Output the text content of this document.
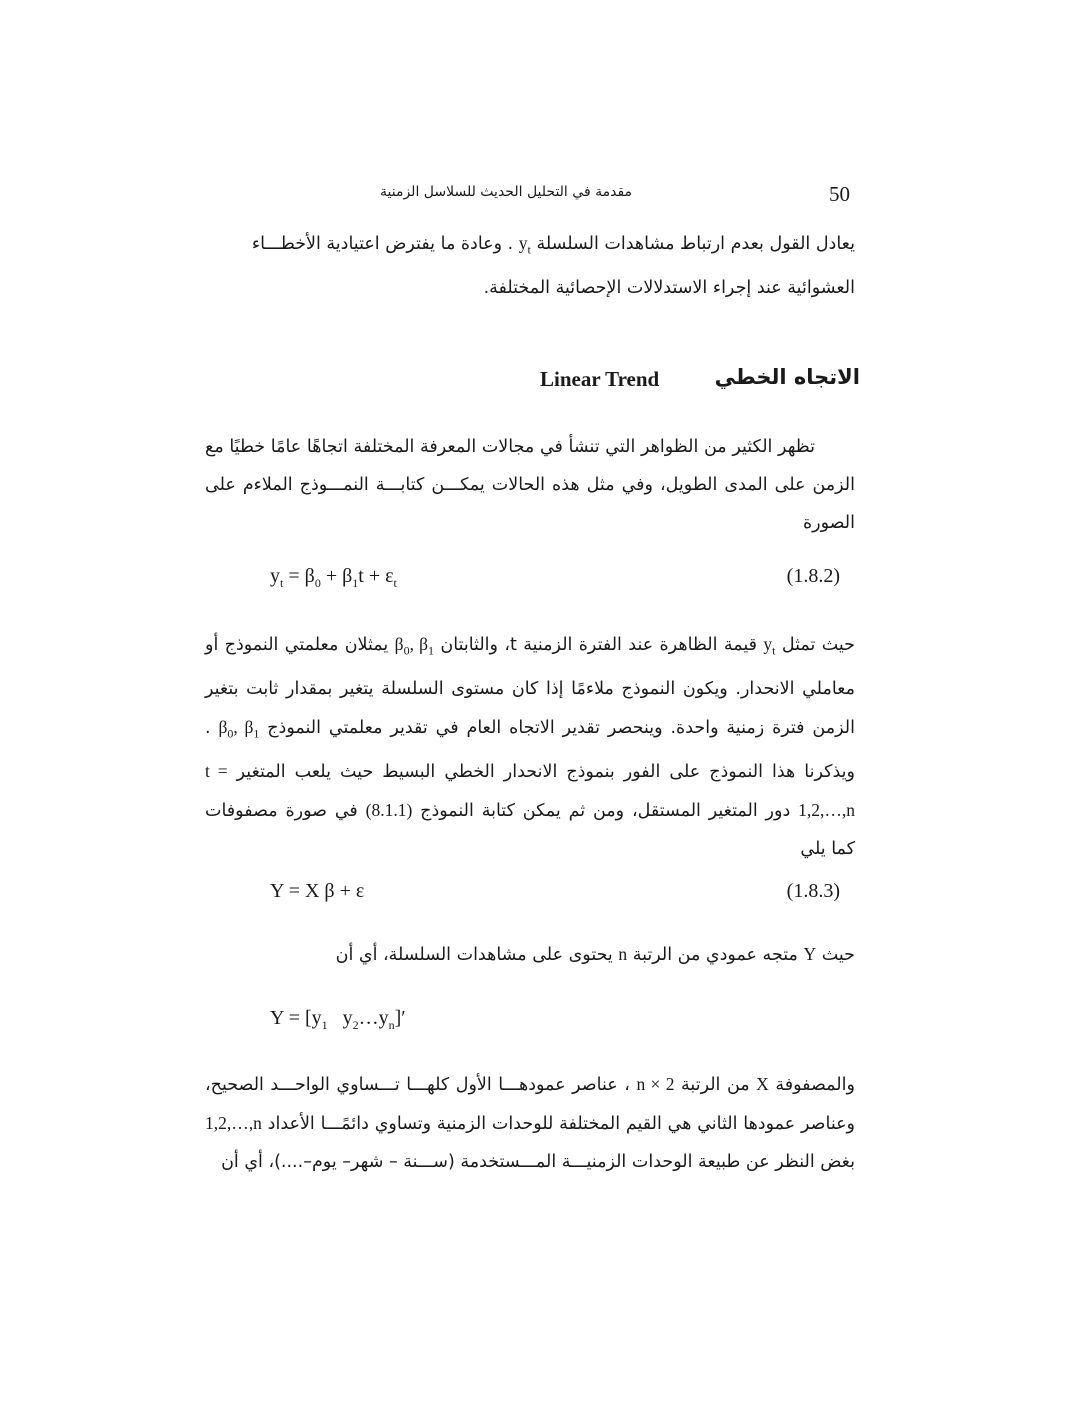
50
مقدمة في التحليل الحديث للسلاسل الزمنية
يعادل القول بعدم ارتباط مشاهدات السلسلة $y_t$ . وعادة ما يفترض اعتيادية الأخطـــاء
العشوائية عند إجراء الاستدلالات الإحصائية المختلفة.
الاتجاه الخطي
Linear Trend
تظهر الكثير من الظواهر التي تنشأ في مجالات المعرفة المختلفة اتجاهًا عامًا خطيًا مع الزمن على المدى الطويل، وفي مثل هذه الحالات يمكـــن كتابـــة النمـــوذج الملاءم على الصورة
$y_t = \beta_0 + \beta_1t + \varepsilon_t$	(1.8.2)
حيث تمثل $y_t$ قيمة الظاهرة عند الفترة الزمنية t، والثابتان $\beta_0$, $\beta_1$ يمثلان معلمتي النموذج أو معاملي الانحدار. ويكون النموذج ملاءمًا إذا كان مستوى السلسلة يتغير بمقدار ثابت بتغير الزمن فترة زمنية واحدة. وينحصر تقدير الاتجاه العام في تقدير معلمتي النموذج $\beta_0$, $\beta_1$ . ويذكرنا هذا النموذج على الفور بنموذج الانحدار الخطي البسيط حيث يلعب المتغير t = 1,2,…,n دور المتغير المستقل، ومن ثم يمكن كتابة النموذج (8.1.1) في صورة مصفوفات كما يلي
Y = X β + ε	(1.8.3)
حيث Y متجه عمودي من الرتبة n يحتوى على مشاهدات السلسلة، أي أن
$Y = [y_1$   $y_2\dots y_n]'$
والمصفوفة X من الرتبة n × 2 ، عناصر عمودهـــا الأول كلهـــا تـــساوي الواحـــد الصحيح، وعناصر عمودها الثاني هي القيم المختلفة للوحدات الزمنية وتساوي دائمًـــا الأعداد 1,2,…,n بغض النظر عن طبيعة الوحدات الزمنيـــة المـــستخدمة (ســـنة – شهر– يوم–....)، أي أن
